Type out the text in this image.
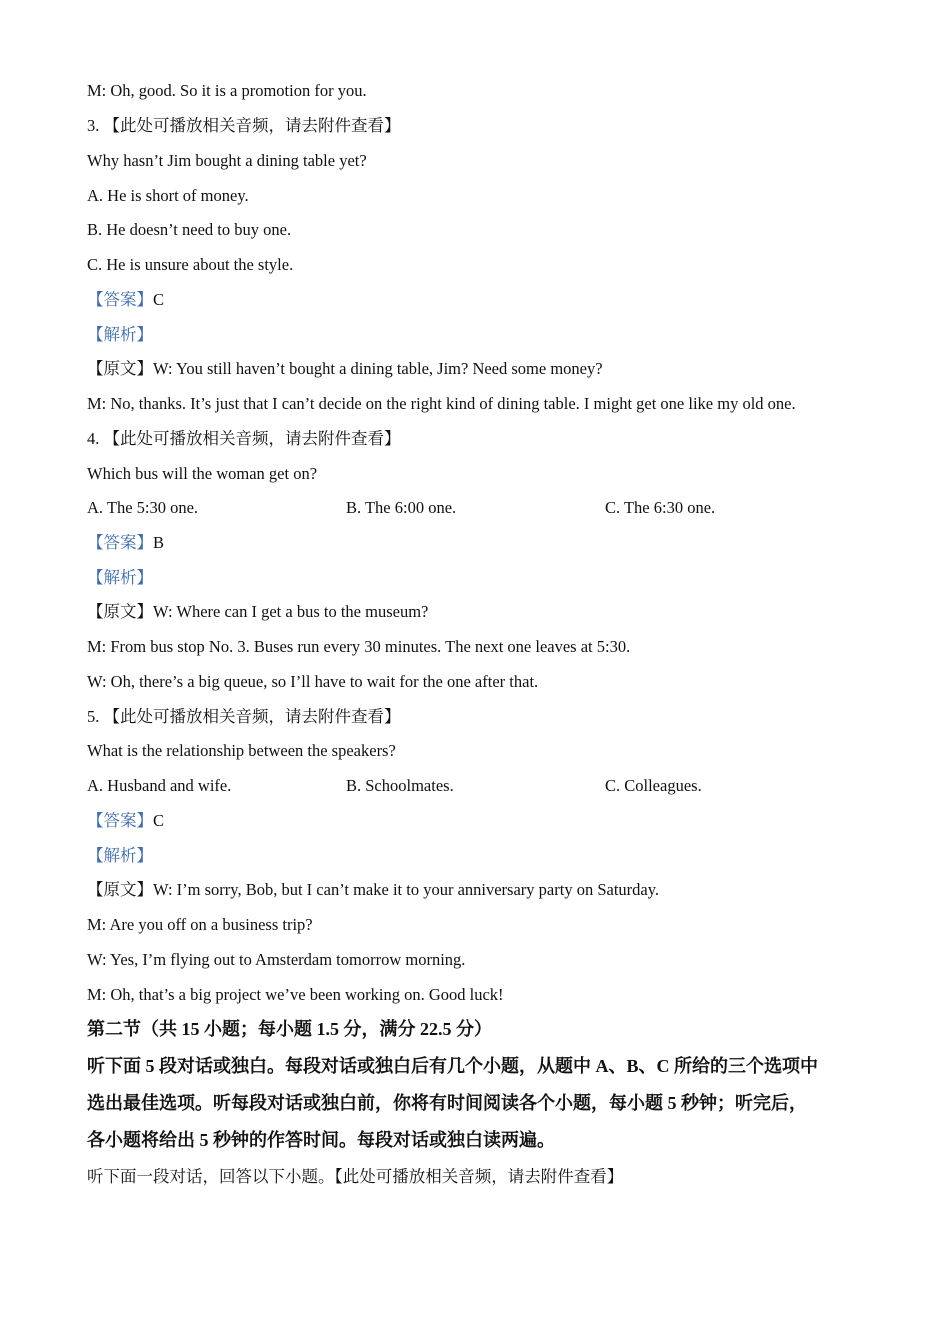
M: Oh, good. So it is a promotion for you.
3. 【此处可播放相关音频，请去附件查看】
Why hasn’t Jim bought a dining table yet?
A. He is short of money.
B. He doesn’t need to buy one.
C. He is unsure about the style.
【答案】C
【解析】
【原文】W: You still haven’t bought a dining table, Jim? Need some money?
M: No, thanks. It’s just that I can’t decide on the right kind of dining table. I might get one like my old one.
4. 【此处可播放相关音频，请去附件查看】
Which bus will the woman get on?
A. The 5:30 one.	B. The 6:00 one.	C. The 6:30 one.
【答案】B
【解析】
【原文】W: Where can I get a bus to the museum?
M: From bus stop No. 3. Buses run every 30 minutes. The next one leaves at 5:30.
W: Oh, there’s a big queue, so I’ll have to wait for the one after that.
5. 【此处可播放相关音频，请去附件查看】
What is the relationship between the speakers?
A. Husband and wife.	B. Schoolmates.	C. Colleagues.
【答案】C
【解析】
【原文】W: I’m sorry, Bob, but I can’t make it to your anniversary party on Saturday.
M: Are you off on a business trip?
W: Yes, I’m flying out to Amsterdam tomorrow morning.
M: Oh, that’s a big project we’ve been working on. Good luck!
第二节（共 15 小题；每小题 1.5 分，满分 22.5 分）
听下面 5 段对话或独白。每段对话或独白后有几个小题，从题中 A、B、C 所给的三个选项中
选出最佳选项。听每段对话或独白前，你将有时间阅读各个小题，每小题 5 秒钟；听完后，
各小题将给出 5 秒钟的作答时间。每段对话或独白读两遍。
听下面一段对话，回答以下小题。【此处可播放相关音频，请去附件查看】
